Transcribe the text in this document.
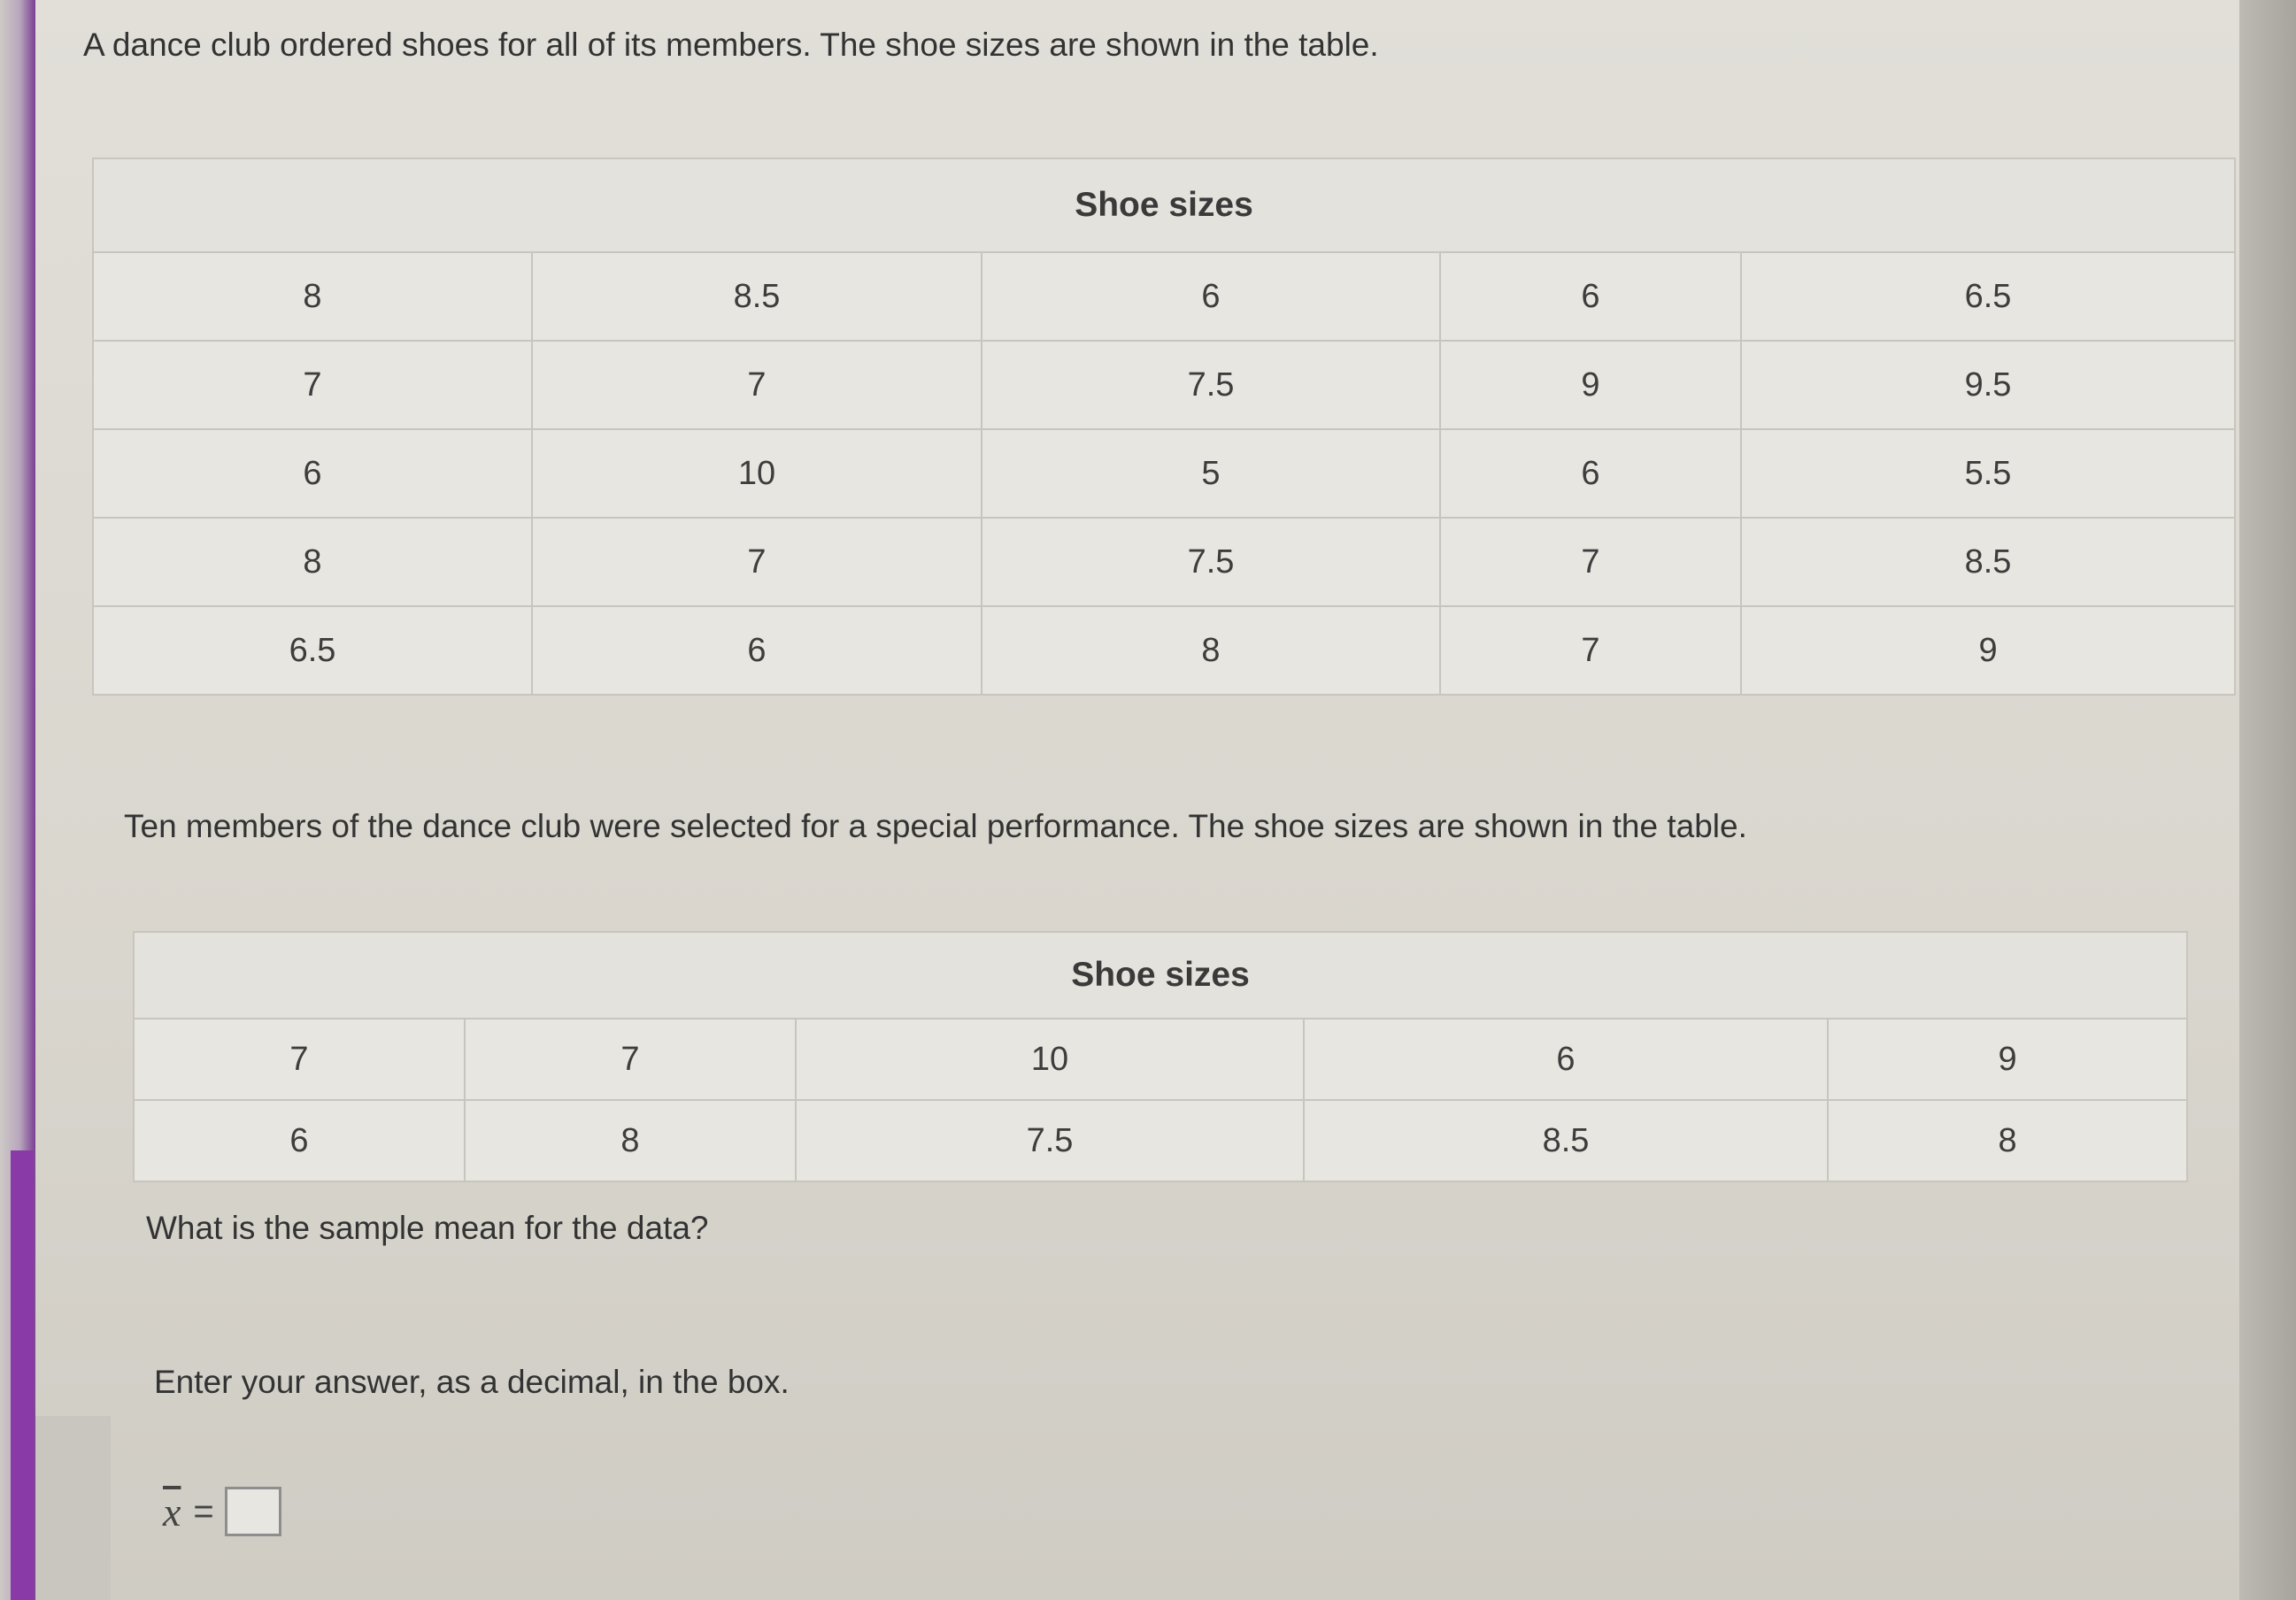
A dance club ordered shoes for all of its members. The shoe sizes are shown in the table.
Shoe sizes				
8	8.5	6	6	6.5
7	7	7.5	9	9.5
6	10	5	6	5.5
8	7	7.5	7	8.5
6.5	6	8	7	9
Ten members of the dance club were selected for a special performance. The shoe sizes are shown in the table.
Shoe sizes				
7	7	10	6	9
6	8	7.5	8.5	8
What is the sample mean for the data?
Enter your answer, as a decimal, in the box.
$\overline{x}$ =
